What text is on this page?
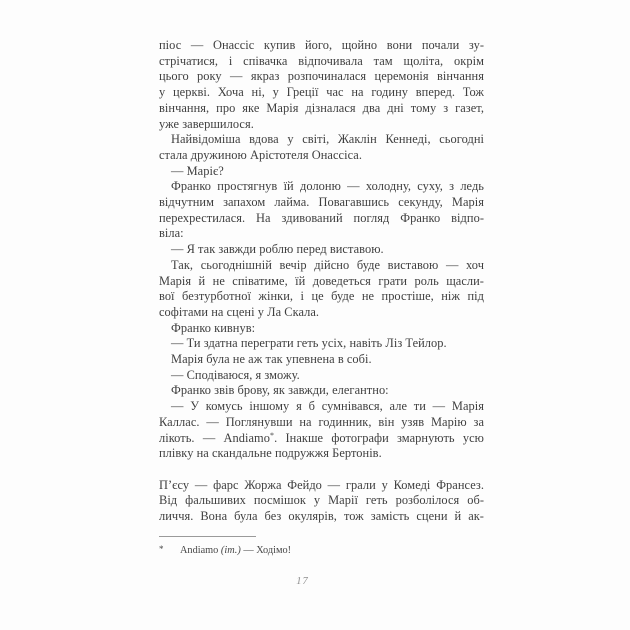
піос — Онассіс купив його, щойно вони почали зу-
стрічатися, і співачка відпочивала там щоліта, окрім
цього року — якраз розпочиналася церемонія вінчання
у церкві. Хоча ні, у Греції час на годину вперед. Тож
вінчання, про яке Марія дізналася два дні тому з газет,
уже завершилося.
Найвідоміша вдова у світі, Жаклін Кеннеді, сьогодні
стала дружиною Арістотеля Онассіса.
— Маріє?
Франко простягнув їй долоню — холодну, суху, з ледь
відчутним запахом лайма. Повагавшись секунду, Марія
перехрестилася. На здивований погляд Франко відпо-
віла:
— Я так завжди роблю перед виставою.
Так, сьогоднішній вечір дійсно буде виставою — хоч
Марія й не співатиме, їй доведеться грати роль щасли-
вої безтурботної жінки, і це буде не простіше, ніж під
софітами на сцені у Ла Скала.
Франко кивнув:
— Ти здатна переграти геть усіх, навіть Ліз Тейлор.
Марія була не аж так упевнена в собі.
— Сподіваюся, я зможу.
Франко звів брову, як завжди, елегантно:
— У комусь іншому я б сумнівався, але ти — Марія
Каллас. — Поглянувши на годинник, він узяв Марію за
лікоть. — Andiamo*. Інакше фотографи змарнують усю
плівку на скандальне подружжя Бертонів.
П’єсу — фарс Жоржа Фейдо — грали у Комеді Франсез.
Від фальшивих посмішок у Марії геть розболілося об-
личчя. Вона була без окулярів, тож замість сцени й ак-
*	Andiamo (іт.) — Ходімо!
17
